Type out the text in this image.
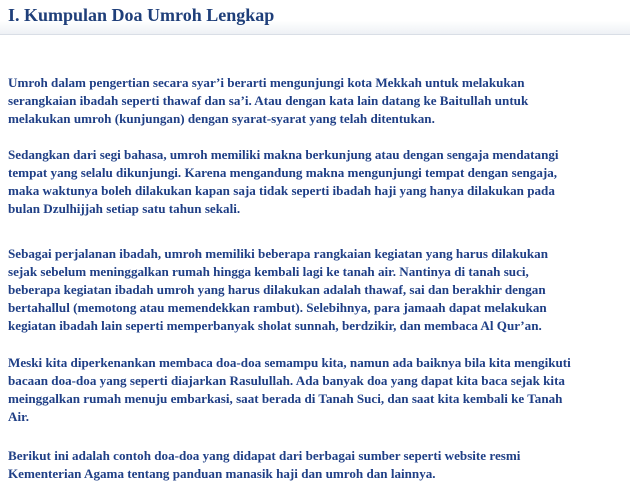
I. Kumpulan Doa Umroh Lengkap
Umroh dalam pengertian secara syar’i berarti mengunjungi kota Mekkah untuk melakukan
serangkaian ibadah seperti thawaf dan sa’i. Atau dengan kata lain datang ke Baitullah untuk
melakukan umroh (kunjungan) dengan syarat-syarat yang telah ditentukan.
Sedangkan dari segi bahasa, umroh memiliki makna berkunjung atau dengan sengaja mendatangi
tempat yang selalu dikunjungi. Karena mengandung makna mengunjungi tempat dengan sengaja,
maka waktunya boleh dilakukan kapan saja tidak seperti ibadah haji yang hanya dilakukan pada
bulan Dzulhijjah setiap satu tahun sekali.
Sebagai perjalanan ibadah, umroh memiliki beberapa rangkaian kegiatan yang harus dilakukan
sejak sebelum meninggalkan rumah hingga kembali lagi ke tanah air. Nantinya di tanah suci,
beberapa kegiatan ibadah umroh yang harus dilakukan adalah thawaf, sai dan berakhir dengan
bertahallul (memotong atau memendekkan rambut). Selebihnya, para jamaah dapat melakukan
kegiatan ibadah lain seperti memperbanyak sholat sunnah, berdzikir, dan membaca Al Qur’an.
Meski kita diperkenankan membaca doa-doa semampu kita, namun ada baiknya bila kita mengikuti
bacaan doa-doa yang seperti diajarkan Rasulullah. Ada banyak doa yang dapat kita baca sejak kita
meinggalkan rumah menuju embarkasi, saat berada di Tanah Suci, dan saat kita kembali ke Tanah
Air.
Berikut ini adalah contoh doa-doa yang didapat dari berbagai sumber seperti website resmi
Kementerian Agama tentang panduan manasik haji dan umroh dan lainnya.
